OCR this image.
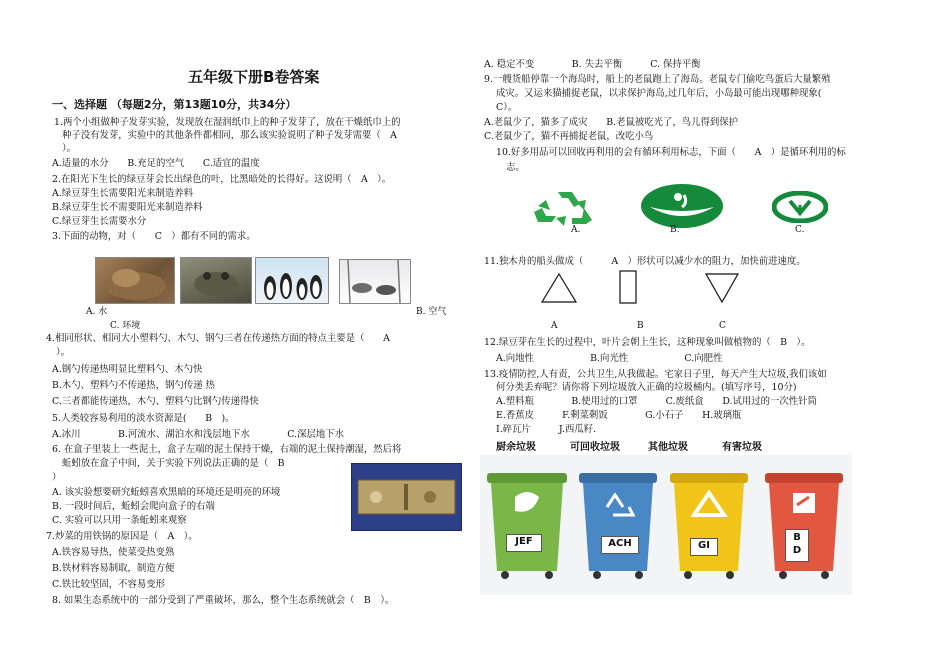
五年级下册B卷答案
一、选择题 （每题2分，第13题10分，共34分）
1.两个小组做种子发芽实验，发现放在湿润纸巾上的种子发芽了，放在干燥纸巾上的
种子没有发芽，实验中的其他条件都相同，那么该实验说明了种子发芽需要（　A
）。
A.适量的水分　　B.充足的空气　　C.适宜的温度
2.在阳光下生长的绿豆芽会长出绿色的叶，比黑暗处的长得好。这说明（　A　）。
A.绿豆芽生长需要阳光来制造养料
B.绿豆芽生长不需要阳光来制造养料
C.绿豆芽生长需要水分
3.下面的动物，对（　　C　）都有不同的需求。
A. 水	B. 空气
C. 环境
4.相同形状、相同大小塑料勺、木勺、钢勺三者在传递热方面的特点主要是（　　A
）。
A.钢勺传递热明显比塑料勺、木勺快
B.木勺、塑料勺不传递热，钢勺传递 热
C.三者都能传递热，木勺、塑料勺比钢勺传递得快
5.人类较容易利用的淡水资源是(　　B　)。
A.冰川　　　　B.河流水、湖泊水和浅层地下水　　　　C.深层地下水
6. 在盒子里装上一些泥土，盒子左端的泥土保持干燥，右端的泥土保持潮湿，然后将
蚯蚓放在盒子中间，关于实验下列说法正确的是（　B
）
A. 该实验想要研究蚯蚓喜欢黑暗的环境还是明亮的环境
B. 一段时间后，蚯蚓会爬向盒子的右端
C. 实验可以只用一条蚯蚓来观察
7.炒菜的用铁锅的原因是（　A　）。
A.铁容易导热，使菜受热变熟
B.铁材料容易制取，制造方便
C.铁比较坚固，不容易变形
8. 如果生态系统中的一部分受到了严重破坏，那么，整个生态系统就会（　B　）。
A. 稳定不变　　　　B. 失去平衡　　　C. 保持平衡
9.一艘货船停靠一个海岛时，船上的老鼠跑上了海岛。老鼠专门偷吃鸟蛋后大量繁殖
成灾。又运来猫捕捉老鼠，以求保护海岛,过几年后，小岛最可能出现哪种现象(
C）。
A.老鼠少了，猫多了成灾　　B.老鼠被吃光了，鸟儿得到保护
C.老鼠少了，猫不再捕捉老鼠，改吃小鸟
10.好多用品可以回收再利用的会有循环利用标志，下面（　　A　）是循环利用的标
志。
A.	B.	C.
11.独木舟的船头做成（　　　A　）形状可以减少水的阻力，加快前进速度。
A	B	C
12.绿豆芽在生长的过程中，叶片会朝上生长，这种现象叫做植物的（　B　）。
A.向地性　　　　　　B.向光性　　　　　　C.向肥性
13.疫情防控,人有责，公共卫生,从我做起。宅家日子里，每天产生大垃圾,我们该如
何分类丢弃呢？请你将下列垃圾放入正确的垃圾桶内。(填写序号，10分)
A.塑料瓶　　　　B.使用过的口罩　　　C.废纸盒　　D.试用过的一次性针筒
E.香蕉皮　　　F.剩菜剩饭　　　　G.小石子　　H.玻璃瓶
I.碎瓦片　　　J.西瓜籽.
厨余垃圾	可回收垃圾	其他垃圾	有害垃圾
JEF	ACH	GI
B
D
